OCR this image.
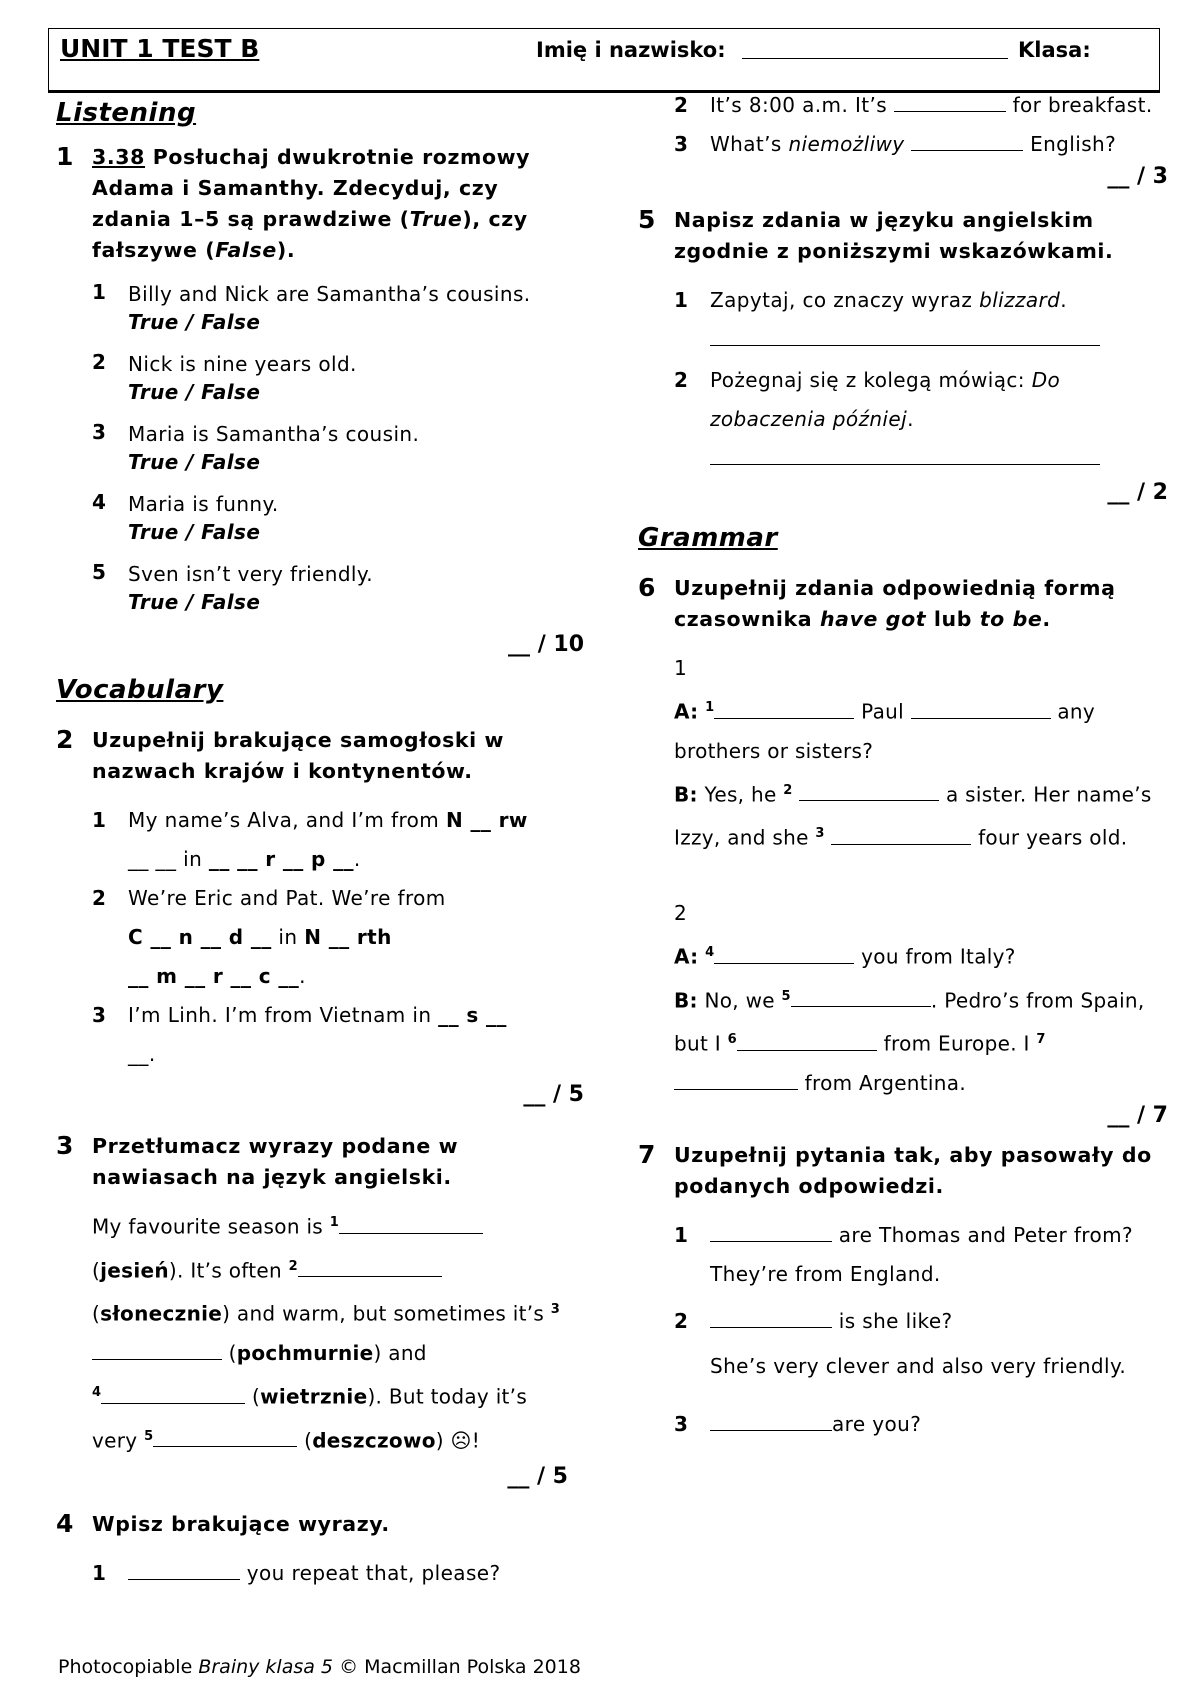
UNIT 1 TEST B	Imię i nazwisko:	Klasa:
Listening
1 3.38 Posłuchaj dwukrotnie rozmowy Adama i Samanthy. Zdecyduj, czy zdania 1–5 są prawdziwe (True), czy fałszywe (False).
1	Billy and Nick are Samantha’s cousins.
True / False
2	Nick is nine years old.
True / False
3	Maria is Samantha’s cousin.
True / False
4	Maria is funny.
True / False
5	Sven isn’t very friendly.
True / False
__ / 10
Vocabulary
2 Uzupełnij brakujące samogłoski w nazwach krajów i kontynentów.
1	My name’s Alva, and I’m from N __ rw
__ __ in __ __ r __ p __.
2	We’re Eric and Pat. We’re from
C __ n __ d __ in N __ rth
__ m __ r __ c __.
3	I’m Linh. I’m from Vietnam in __ s __
__.
__ / 5
3 Przetłumacz wyrazy podane w nawiasach na język angielski.
My favourite season is $^1$
(jesień). It’s often $^2$
(słonecznie) and warm, but sometimes it’s $^3$ (pochmurnie) and
$^4$	(wietrznie). But today it’s very $^5$	(deszczowo) ☹!
__ / 5
4 Wpisz brakujące wyrazy.
1	you repeat that, please?
Photocopiable Brainy klasa 5 © Macmillan Polska 2018
2	It’s 8:00 a.m. It’s	for breakfast.
3	What’s niemożliwy	English?
__ / 3
5 Napisz zdania w języku angielskim zgodnie z poniższymi wskazówkami.
1	Zapytaj, co znaczy wyraz blizzard.

2	Pożegnaj się z kolegą mówiąc: Do zobaczenia później.

__ / 2
Grammar
6 Uzupełnij zdania odpowiednią formą czasownika have got lub to be.
1
A: $^1$	Paul	any brothers or sisters?
B: Yes, he $^2$	a sister. Her name’s Izzy, and she $^3$	four years old.
2
A: $^4$	you from Italy?
B: No, we $^5$	. Pedro’s from Spain, but I $^6$	from Europe. I $^7$ from Argentina.
__ / 7
7 Uzupełnij pytania tak, aby pasowały do podanych odpowiedzi.
1	are Thomas and Peter from?
They’re from England.
2	is she like?
She’s very clever and also very friendly.
3	are you?
